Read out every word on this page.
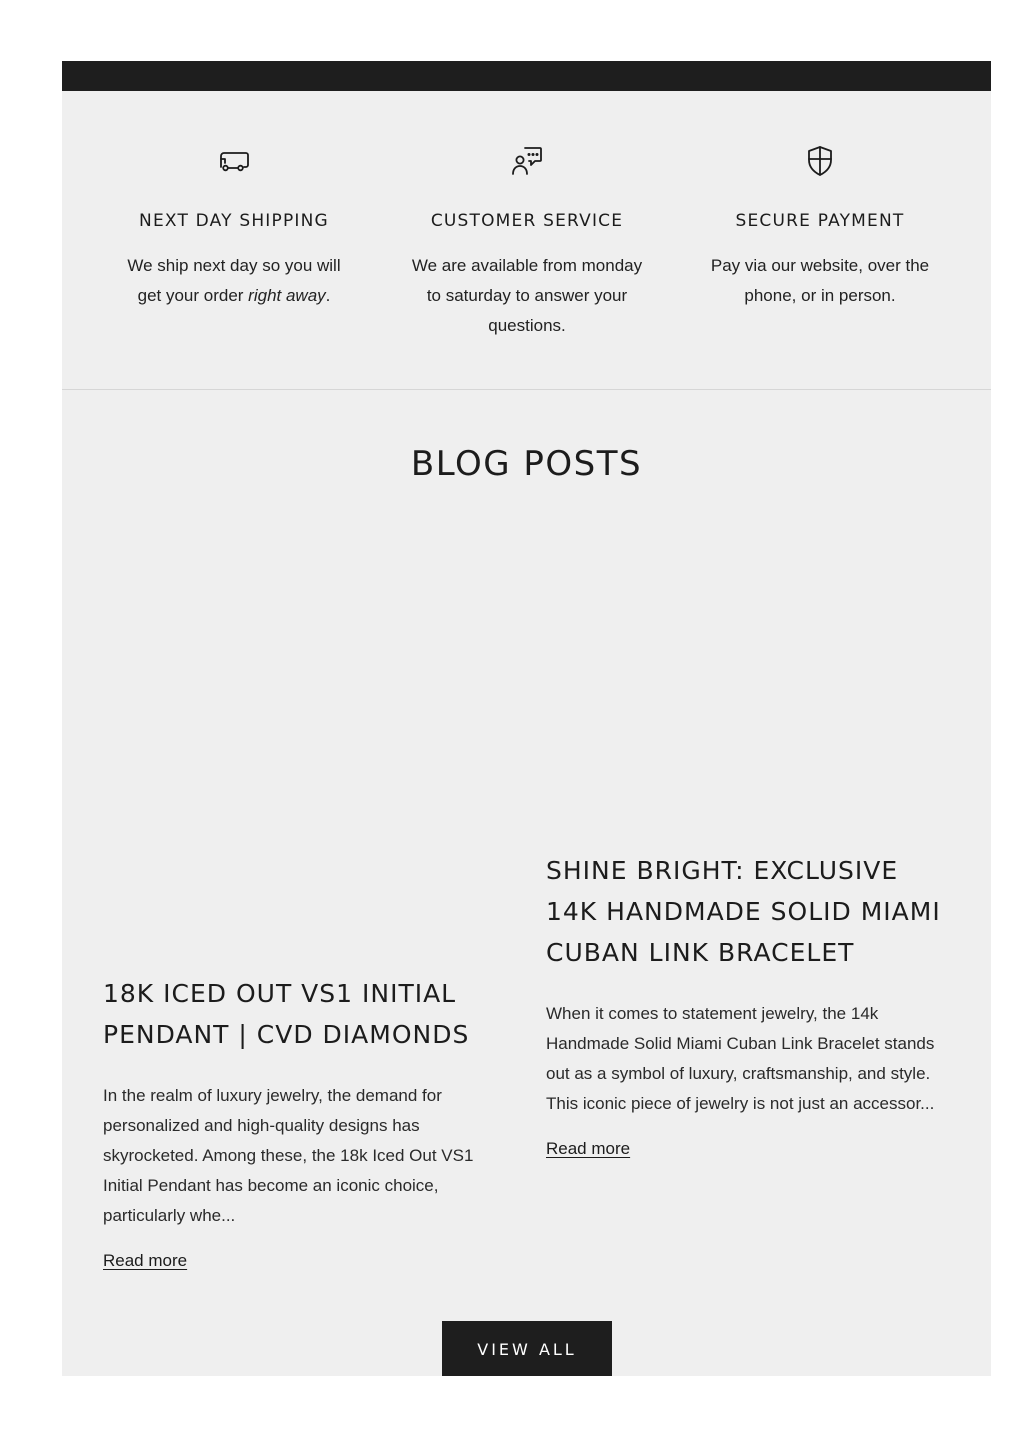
NEXT DAY SHIPPING

We ship next day so you will get your order right away.

CUSTOMER SERVICE

We are available from monday to saturday to answer your questions.

SECURE PAYMENT

Pay via our website, over the phone, or in person.

BLOG POSTS
18K ICED OUT VS1 INITIAL PENDANT | CVD DIAMONDS

In the realm of luxury jewelry, the demand for personalized and high-quality designs has skyrocketed. Among these, the 18k Iced Out VS1 Initial Pendant has become an iconic choice, particularly whe...

Read more
SHINE BRIGHT: EXCLUSIVE 14K HANDMADE SOLID MIAMI CUBAN LINK BRACELET

When it comes to statement jewelry, the 14k Handmade Solid Miami Cuban Link Bracelet stands out as a symbol of luxury, craftsmanship, and style. This iconic piece of jewelry is not just an accessor...

Read more
VIEW ALL
